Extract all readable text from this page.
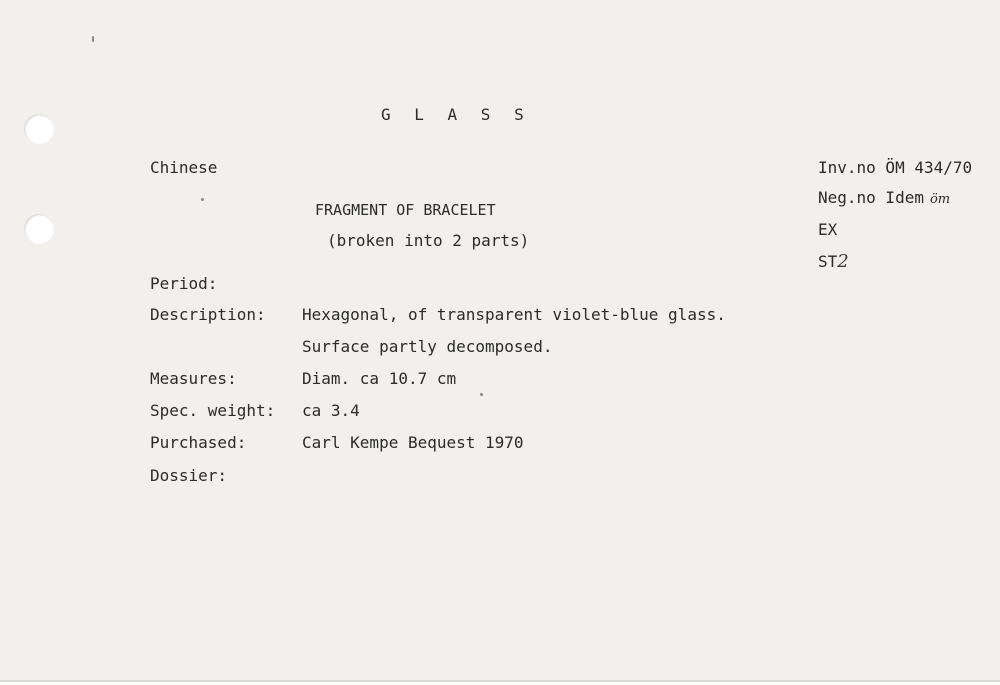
G L A S S
Chinese
FRAGMENT OF BRACELET
(broken into 2 parts)
Inv.no ÖM 434/70
Neg.no Idem öm
EX
ST2
Period:
Description: Hexagonal, of transparent violet-blue glass.
Surface partly decomposed.
Measures:	Diam. ca 10.7 cm
Spec. weight: ca 3.4
Purchased:	Carl Kempe Bequest 1970
Dossier:
